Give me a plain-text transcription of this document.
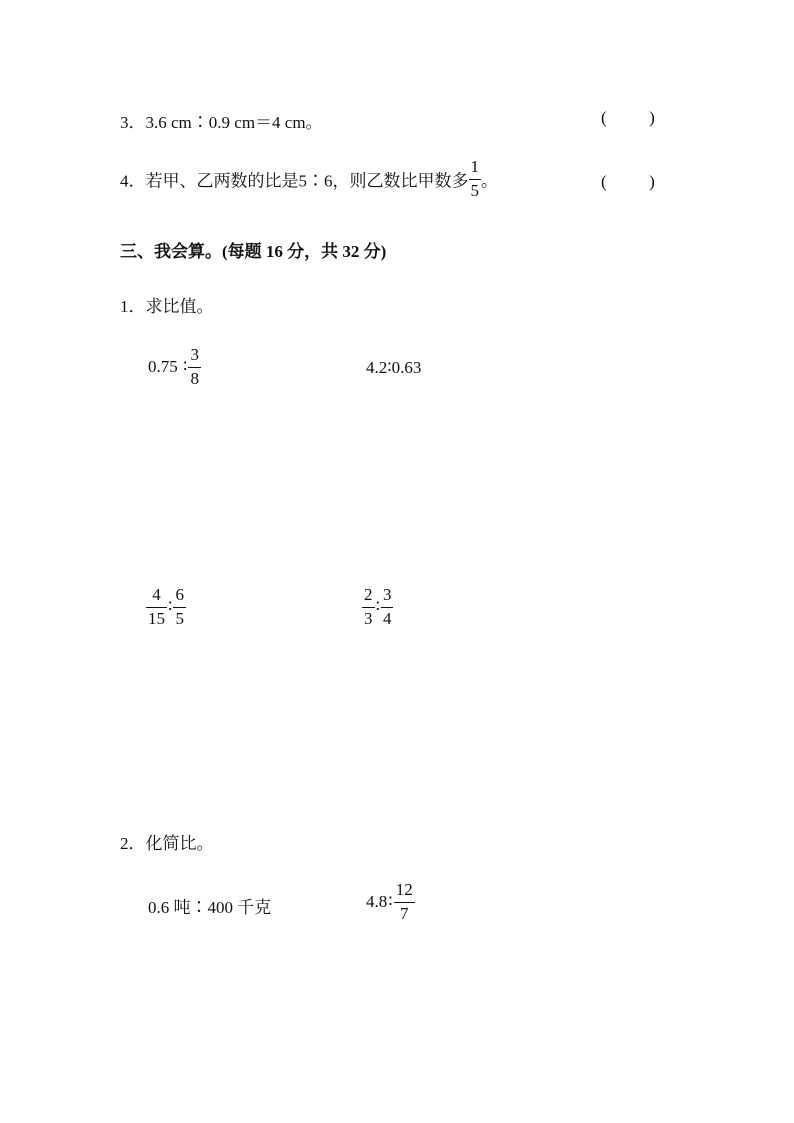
3．3.6 cm∶0.9 cm＝4 cm。	(	)
4．若甲、乙两数的比是5∶6，则乙数比甲数多 $\frac{1}{5}$ 。	(	)
三、我会算。(每题 16 分，共 32 分)
1．求比值。
0.75 ∶ $\frac{3}{8}$	4.2∶0.63
$\frac{4}{15}$ ∶ $\frac{6}{5}$	$\frac{2}{3}$ ∶ $\frac{3}{4}$
2．化简比。
0.6 吨∶400 千克	4.8∶ $\frac{12}{7}$
